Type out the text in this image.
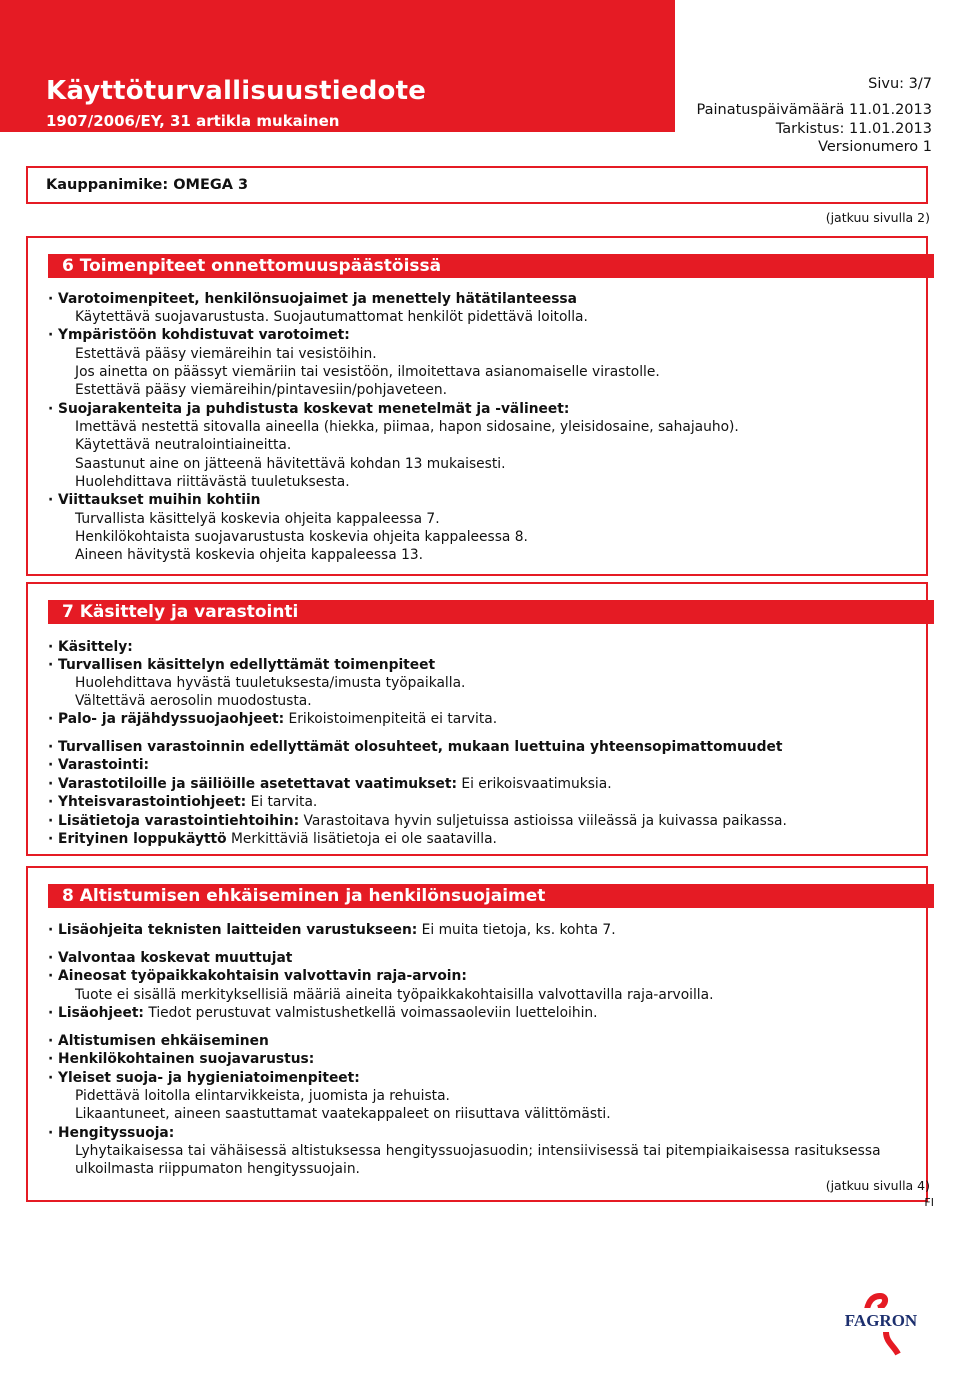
Käyttöturvallisuustiedote
1907/2006/EY, 31 artikla mukainen
Sivu: 3/7
Painatuspäivämäärä 11.01.2013
Tarkistus: 11.01.2013
Versionumero 1
Kauppanimike: OMEGA 3
(jatkuu sivulla 2)
6 Toimenpiteet onnettomuuspäästöissä
· Varotoimenpiteet, henkilönsuojaimet ja menettely hätätilanteessa
Käytettävä suojavarustusta. Suojautumattomat henkilöt pidettävä loitolla.
· Ympäristöön kohdistuvat varotoimet:
Estettävä pääsy viemäreihin tai vesistöihin.
Jos ainetta on päässyt viemäriin tai vesistöön, ilmoitettava asianomaiselle virastolle.
Estettävä pääsy viemäreihin/pintavesiin/pohjaveteen.
· Suojarakenteita ja puhdistusta koskevat menetelmät ja -välineet:
Imettävä nestettä sitovalla aineella (hiekka, piimaa, hapon sidosaine, yleisidosaine, sahajauho).
Käytettävä neutralointiaineitta.
Saastunut aine on jätteenä hävitettävä kohdan 13 mukaisesti.
Huolehdittava riittävästä tuuletuksesta.
· Viittaukset muihin kohtiin
Turvallista käsittelyä koskevia ohjeita kappaleessa 7.
Henkilökohtaista suojavarustusta koskevia ohjeita kappaleessa 8.
Aineen hävitystä koskevia ohjeita kappaleessa 13.
7 Käsittely ja varastointi
· Käsittely:
· Turvallisen käsittelyn edellyttämät toimenpiteet
Huolehdittava hyvästä tuuletuksesta/imusta työpaikalla.
Vältettävä aerosolin muodostusta.
· Palo- ja räjähdyssuojaohjeet: Erikoistoimenpiteitä ei tarvita.
· Turvallisen varastoinnin edellyttämät olosuhteet, mukaan luettuina yhteensopimattomuudet
· Varastointi:
· Varastotiloille ja säiliöille asetettavat vaatimukset: Ei erikoisvaatimuksia.
· Yhteisvarastointiohjeet: Ei tarvita.
· Lisätietoja varastointiehtoihin: Varastoitava hyvin suljetuissa astioissa viileässä ja kuivassa paikassa.
· Erityinen loppukäyttö Merkittäviä lisätietoja ei ole saatavilla.
8 Altistumisen ehkäiseminen ja henkilönsuojaimet
· Lisäohjeita teknisten laitteiden varustukseen: Ei muita tietoja, ks. kohta 7.
· Valvontaa koskevat muuttujat
· Aineosat työpaikkakohtaisin valvottavin raja-arvoin:
Tuote ei sisällä merkityksellisiä määriä aineita työpaikkakohtaisilla valvottavilla raja-arvoilla.
· Lisäohjeet: Tiedot perustuvat valmistushetkellä voimassaoleviin luetteloihin.
· Altistumisen ehkäiseminen
· Henkilökohtainen suojavarustus:
· Yleiset suoja- ja hygieniatoimenpiteet:
Pidettävä loitolla elintarvikkeista, juomista ja rehuista.
Likaantuneet, aineen saastuttamat vaatekappaleet on riisuttava välittömästi.
· Hengityssuoja:
Lyhytaikaisessa tai vähäisessä altistuksessa hengityssuojasuodin; intensiivisessä tai pitempiaikaisessa rasituksessa
ulkoilmasta riippumaton hengityssuojain.
(jatkuu sivulla 4)
FI
FAGRON
